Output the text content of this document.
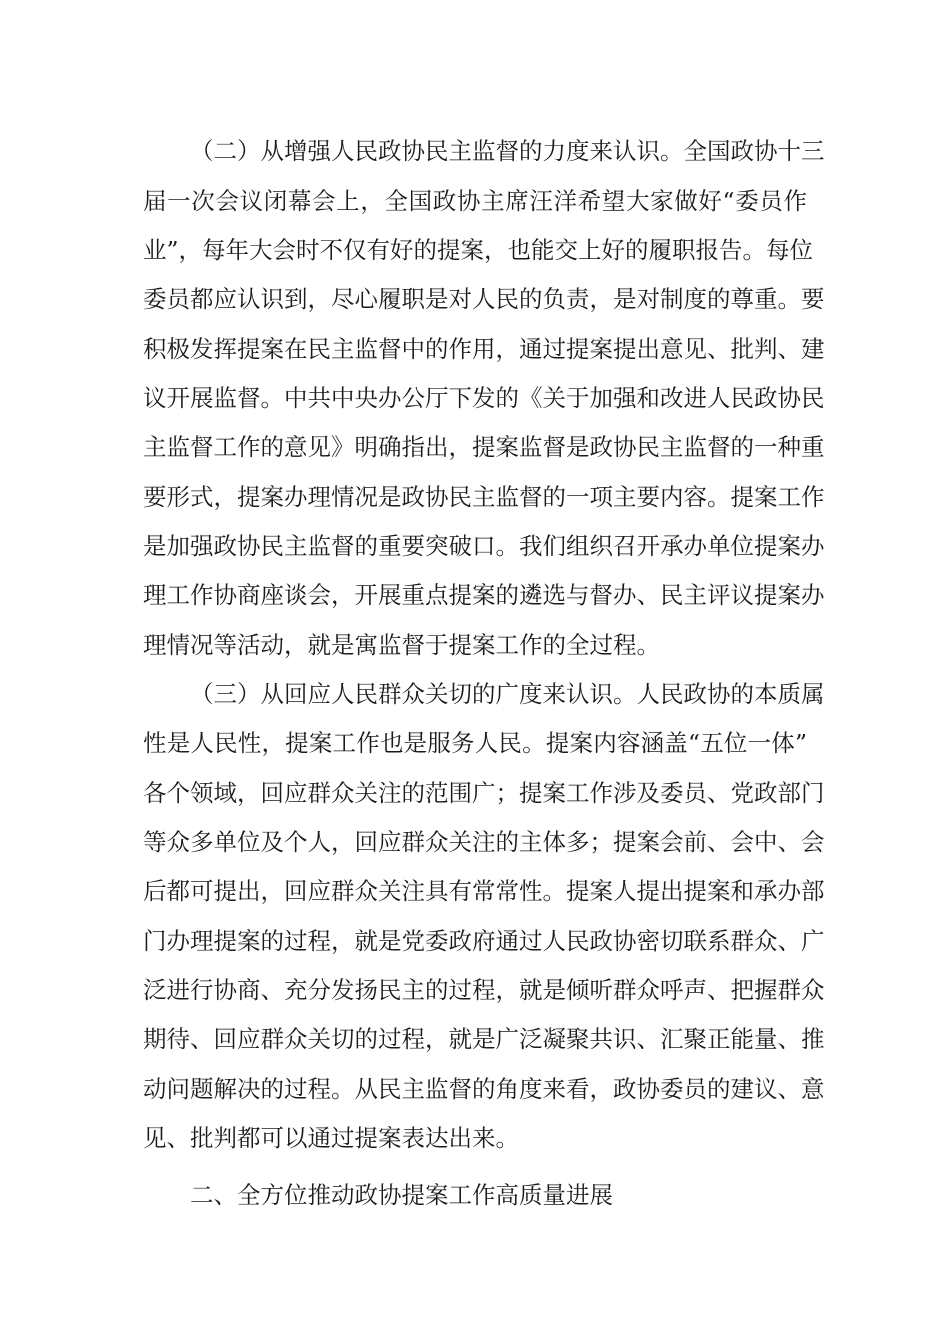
（二）从增强人民政协民主监督的力度来认识。全国政协十三
届一次会议闭幕会上，全国政协主席汪洋希望大家做好“委员作
业”，每年大会时不仅有好的提案，也能交上好的履职报告。每位
委员都应认识到，尽心履职是对人民的负责，是对制度的尊重。要
积极发挥提案在民主监督中的作用，通过提案提出意见、批判、建
议开展监督。中共中央办公厅下发的《关于加强和改进人民政协民
主监督工作的意见》明确指出，提案监督是政协民主监督的一种重
要形式，提案办理情况是政协民主监督的一项主要内容。提案工作
是加强政协民主监督的重要突破口。我们组织召开承办单位提案办
理工作协商座谈会，开展重点提案的遴选与督办、民主评议提案办
理情况等活动，就是寓监督于提案工作的全过程。
（三）从回应人民群众关切的广度来认识。人民政协的本质属
性是人民性，提案工作也是服务人民。提案内容涵盖“五位一体”
各个领域，回应群众关注的范围广；提案工作涉及委员、党政部门
等众多单位及个人，回应群众关注的主体多；提案会前、会中、会
后都可提出，回应群众关注具有常常性。提案人提出提案和承办部
门办理提案的过程，就是党委政府通过人民政协密切联系群众、广
泛进行协商、充分发扬民主的过程，就是倾听群众呼声、把握群众
期待、回应群众关切的过程，就是广泛凝聚共识、汇聚正能量、推
动问题解决的过程。从民主监督的角度来看，政协委员的建议、意
见、批判都可以通过提案表达出来。
二、全方位推动政协提案工作高质量进展
